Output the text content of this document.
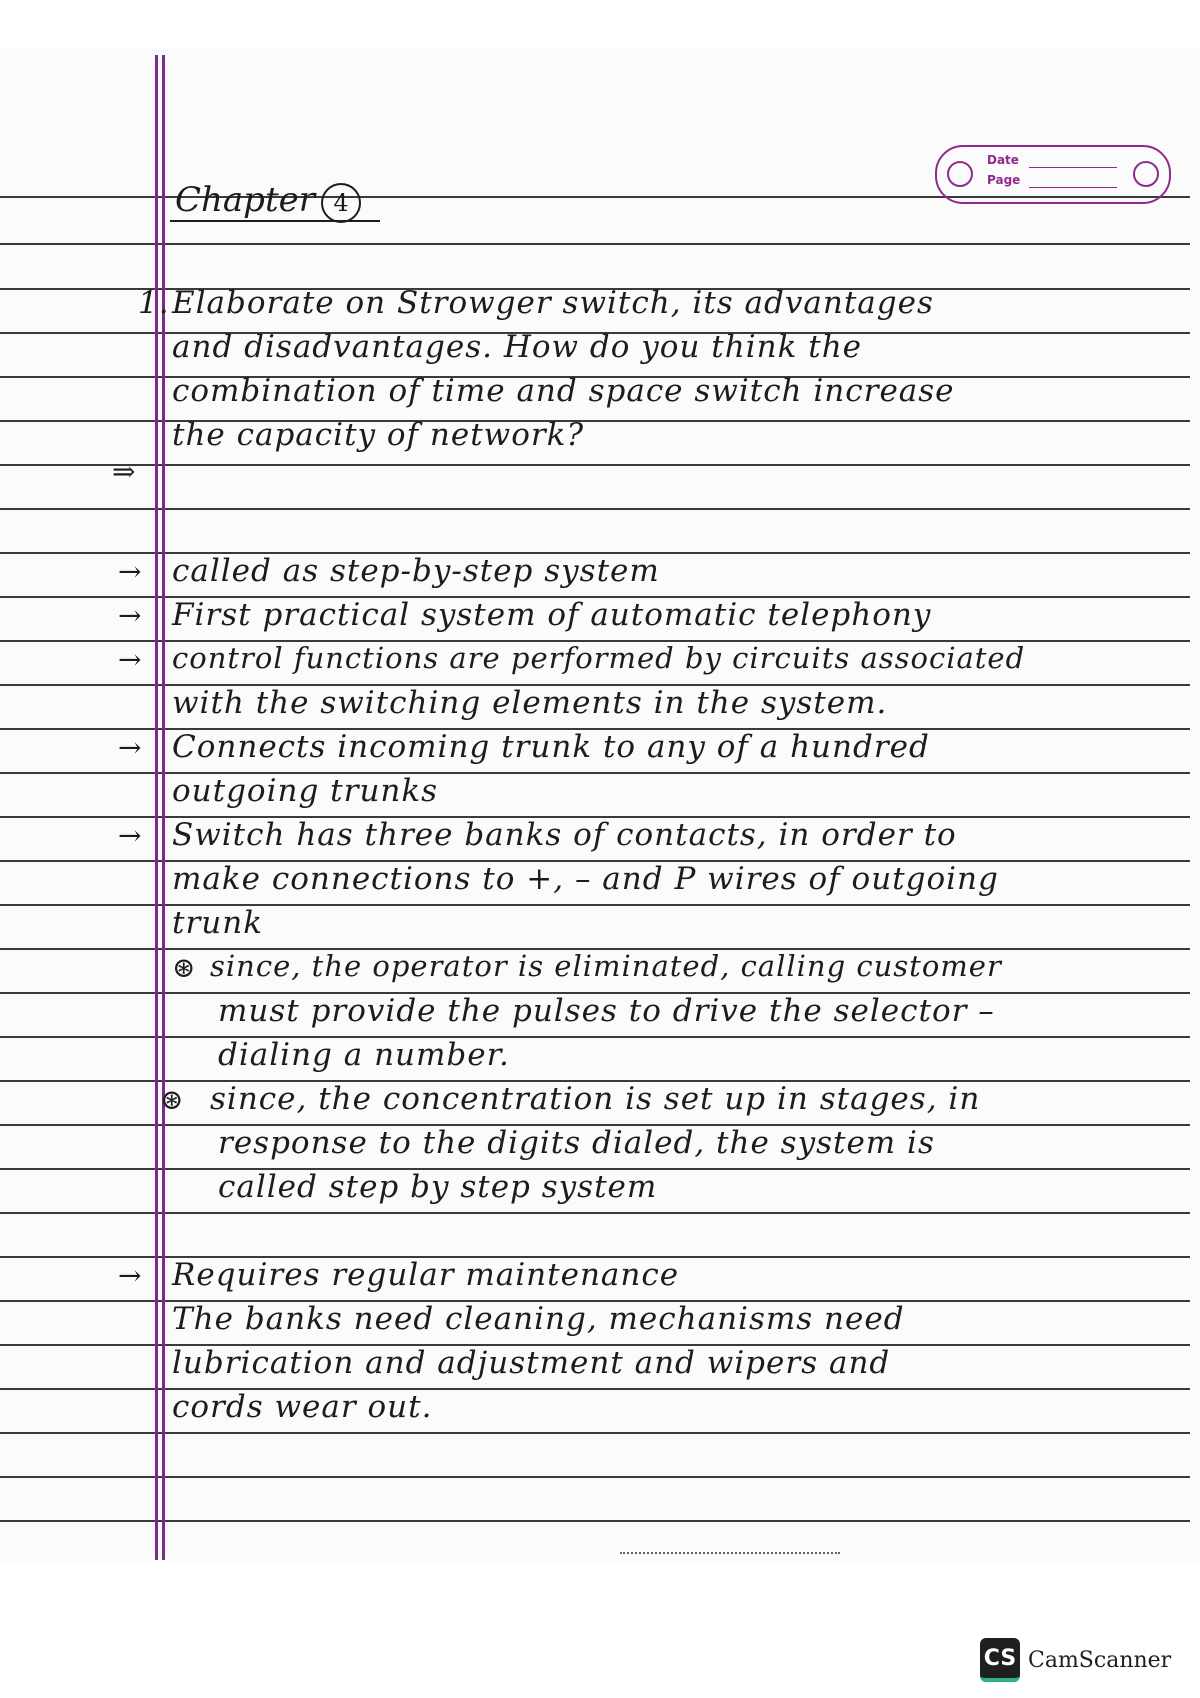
Date
Page
Chapter 4
1. Elaborate on Strowger switch, its advantages
and disadvantages. How do you think the
combination of time and space switch increase
the capacity of network?
⇒
→ called as step-by-step system
→ First practical system of automatic telephony
→ control functions are performed by circuits associated
with the switching elements in the system.
→ Connects incoming trunk to any of a hundred
outgoing trunks
→ Switch has three banks of contacts, in order to
make connections to +, – and P wires of outgoing
trunk
⊛ since, the operator is eliminated, calling customer
must provide the pulses to drive the selector –
dialing a number.
⊛ since, the concentration is set up in stages, in
response to the digits dialed, the system is
called step by step system
→ Requires regular maintenance
The banks need cleaning, mechanisms need
lubrication and adjustment and wipers and
cords wear out.
CS CamScanner
